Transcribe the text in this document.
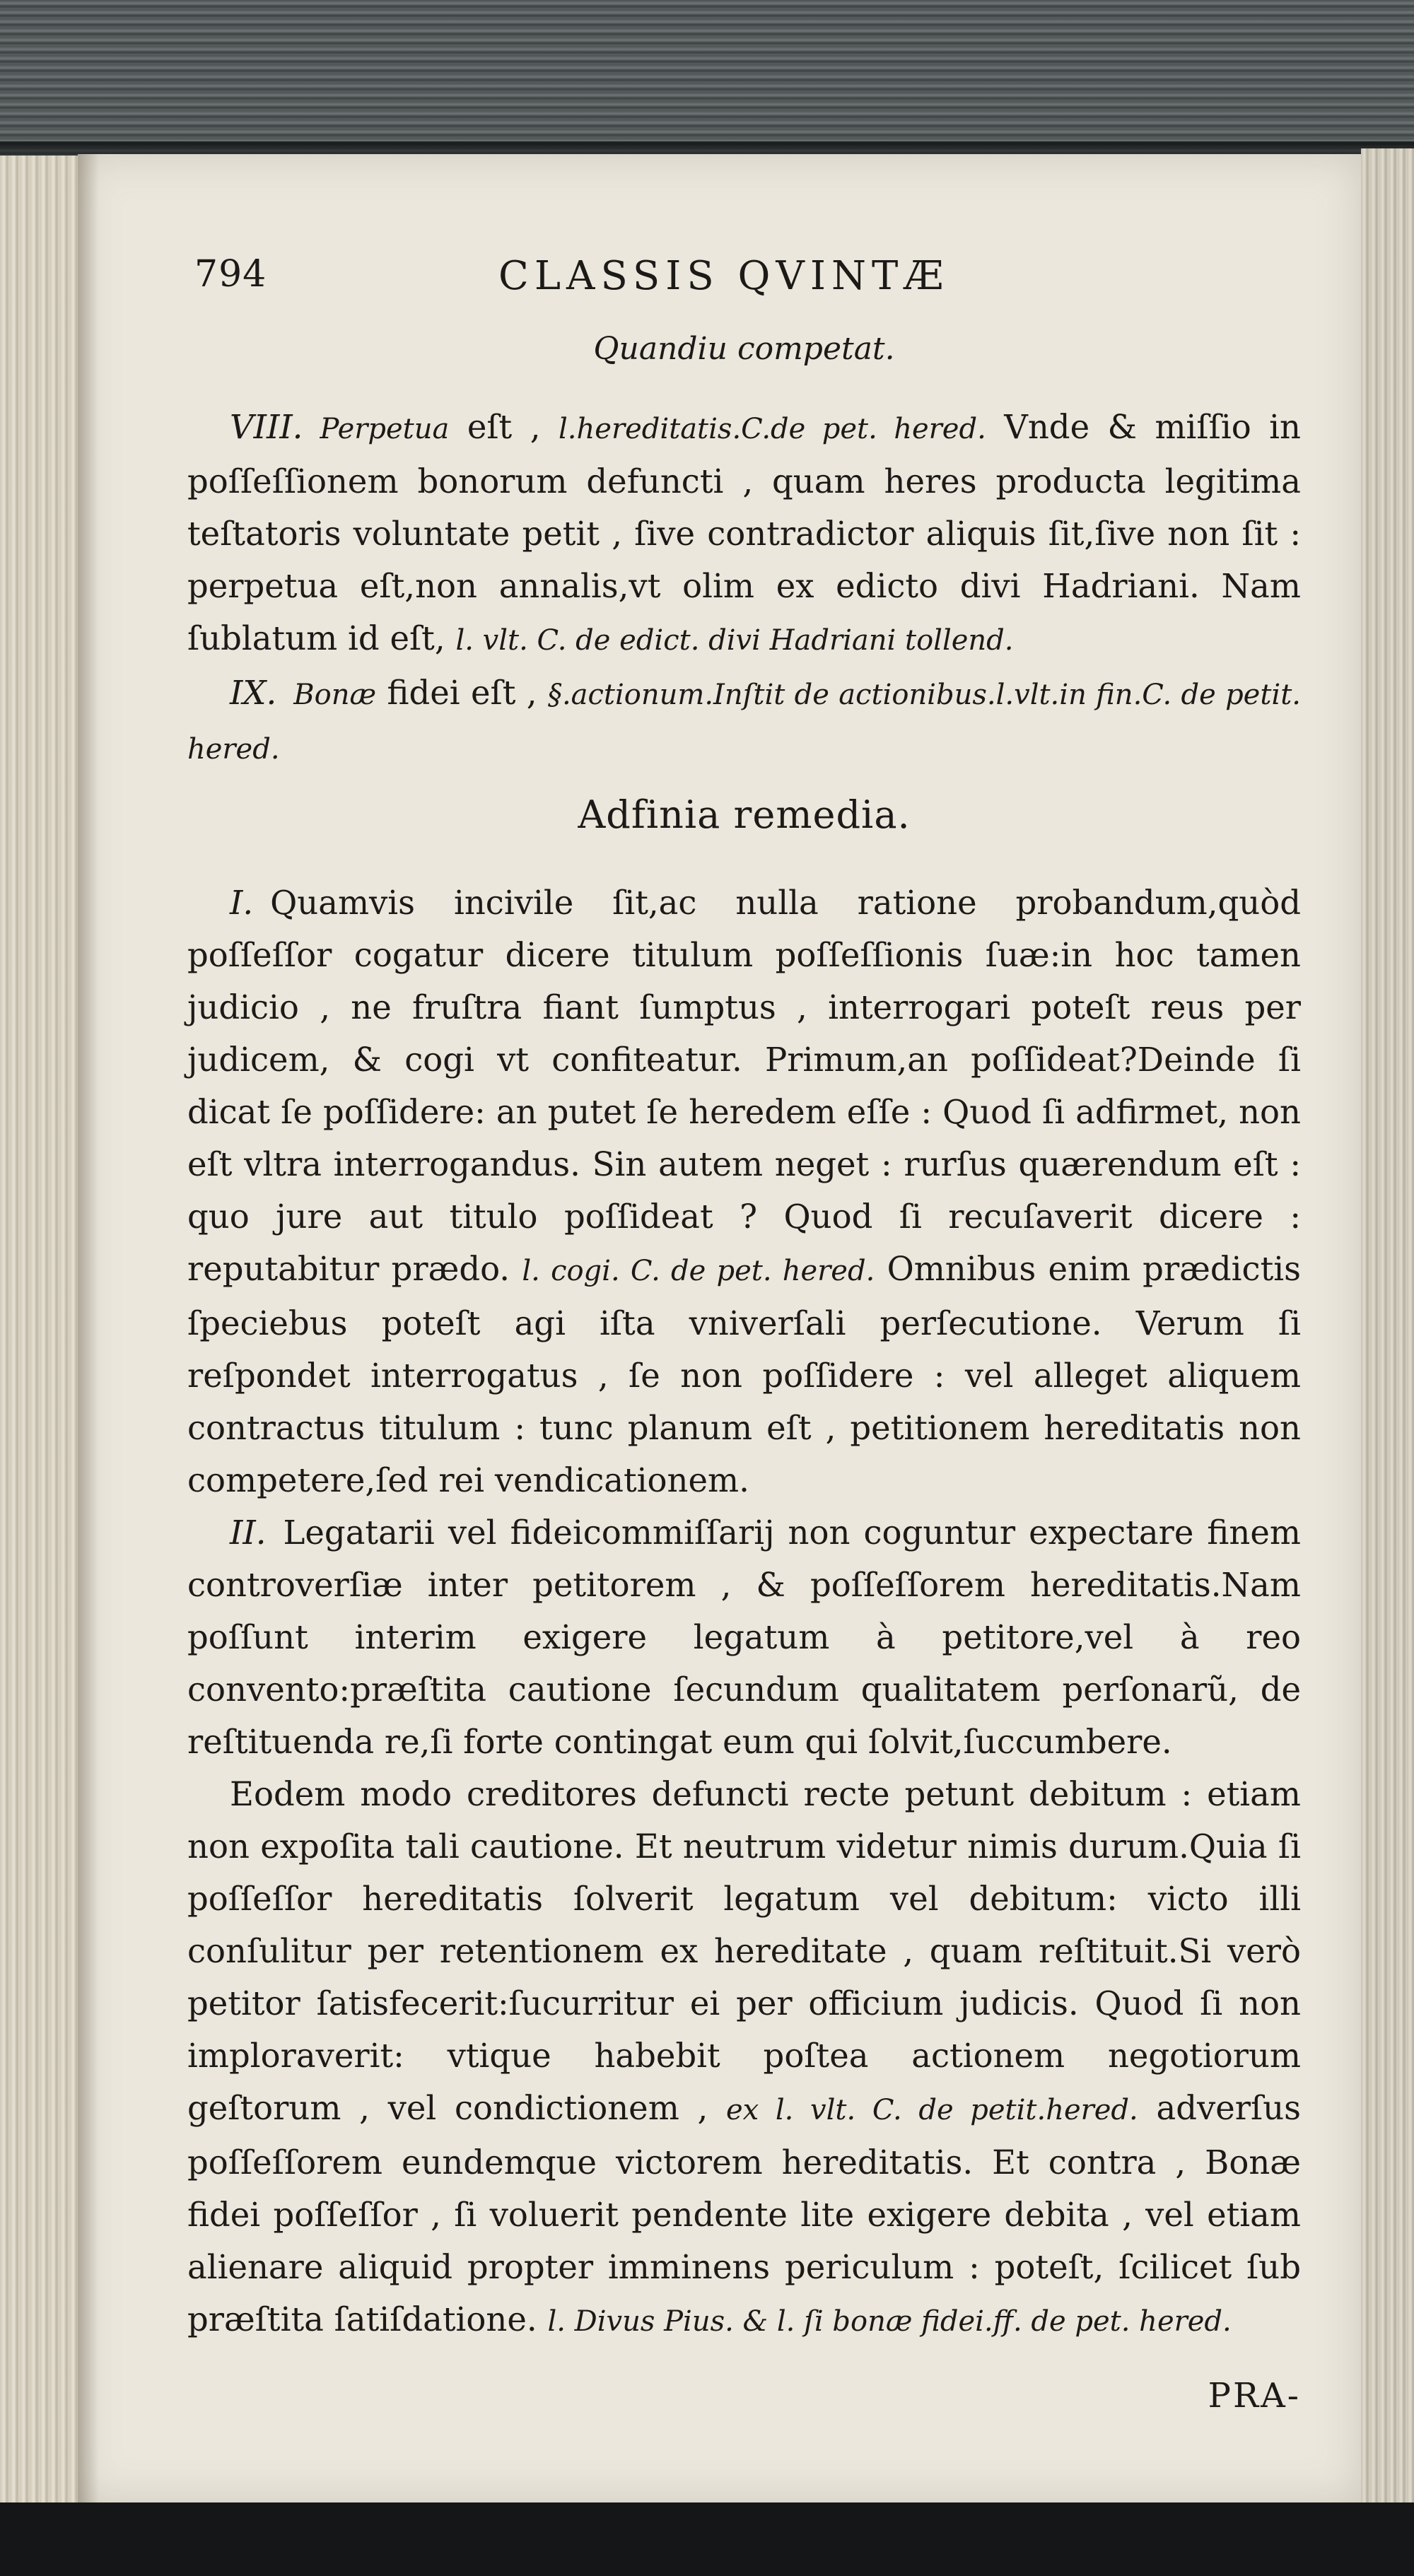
794	CLASSIS QVINTÆ
Quandiu competat.

VIII. Perpetua eſt , l.hereditatis.C.de pet. hered. Vnde & miſſio in poſſeſſionem bonorum defuncti , quam heres producta legitima teſtatoris voluntate petit , ſive contradictor aliquis ſit,ſive non ſit : perpetua eſt,non annalis,vt olim ex edicto divi Hadriani. Nam ſublatum id eſt, l. vlt. C. de edict. divi Hadriani tollend.

IX. Bonæ fidei eſt , §.actionum.Inſtit de actionibus.l.vlt.in fin.C. de petit. hered.

Adfinia remedia.

I. Quamvis incivile ſit,ac nulla ratione probandum,quòd poſſeſſor cogatur dicere titulum poſſeſſionis ſuæ:in hoc tamen judicio , ne fruſtra fiant ſumptus , interrogari poteſt reus per judicem, & cogi vt confiteatur. Primum,an poſſideat?Deinde ſi dicat ſe poſſidere: an putet ſe heredem eſſe : Quod ſi adfirmet, non eſt vltra interrogandus. Sin autem neget : rurſus quærendum eſt : quo jure aut titulo poſſideat ? Quod ſi recuſaverit dicere : reputabitur prædo. l. cogi. C. de pet. hered. Omnibus enim prædictis ſpeciebus poteſt agi iſta vniverſali perſecutione. Verum ſi reſpondet interrogatus , ſe non poſſidere : vel alleget aliquem contractus titulum : tunc planum eſt , petitionem hereditatis non competere,ſed rei vendicationem.

II. Legatarii vel fideicommiſſarij non coguntur expectare finem controverſiæ inter petitorem , & poſſeſſorem hereditatis.Nam poſſunt interim exigere legatum à petitore,vel à reo convento:præſtita cautione ſecundum qualitatem perſonarũ, de reſtituenda re,ſi forte contingat eum qui ſolvit,ſuccumbere.

Eodem modo creditores defuncti recte petunt debitum : etiam non expoſita tali cautione. Et neutrum videtur nimis durum.Quia ſi poſſeſſor hereditatis ſolverit legatum vel debitum: victo illi conſulitur per retentionem ex hereditate , quam reſtituit.Si verò petitor ſatisfecerit:ſucurritur ei per officium judicis. Quod ſi non imploraverit: vtique habebit poſtea actionem negotiorum geſtorum , vel condictionem , ex l. vlt. C. de petit.hered. adverſus poſſeſſorem eundemque victorem hereditatis. Et contra , Bonæ fidei poſſeſſor , ſi voluerit pendente lite exigere debita , vel etiam alienare aliquid propter imminens periculum : poteſt, ſcilicet ſub præſtita ſatiſdatione. l. Divus Pius. & l. ſi bonæ fidei.ff. de pet. hered.

PRA-
